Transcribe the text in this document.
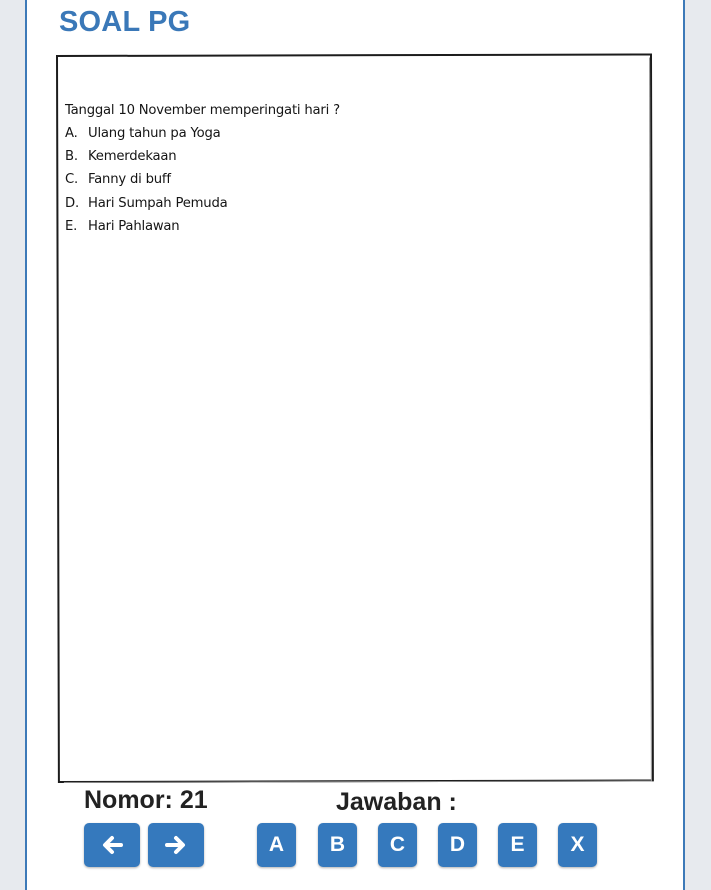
SOAL PG

Tanggal 10 November memperingati hari ?

A. Ulang tahun pa Yoga
B. Kemerdekaan
C. Fanny di buff
D. Hari Sumpah Pemuda
E. Hari Pahlawan
Nomor: 21	Jawaban :
A	B	C	D	E	X
